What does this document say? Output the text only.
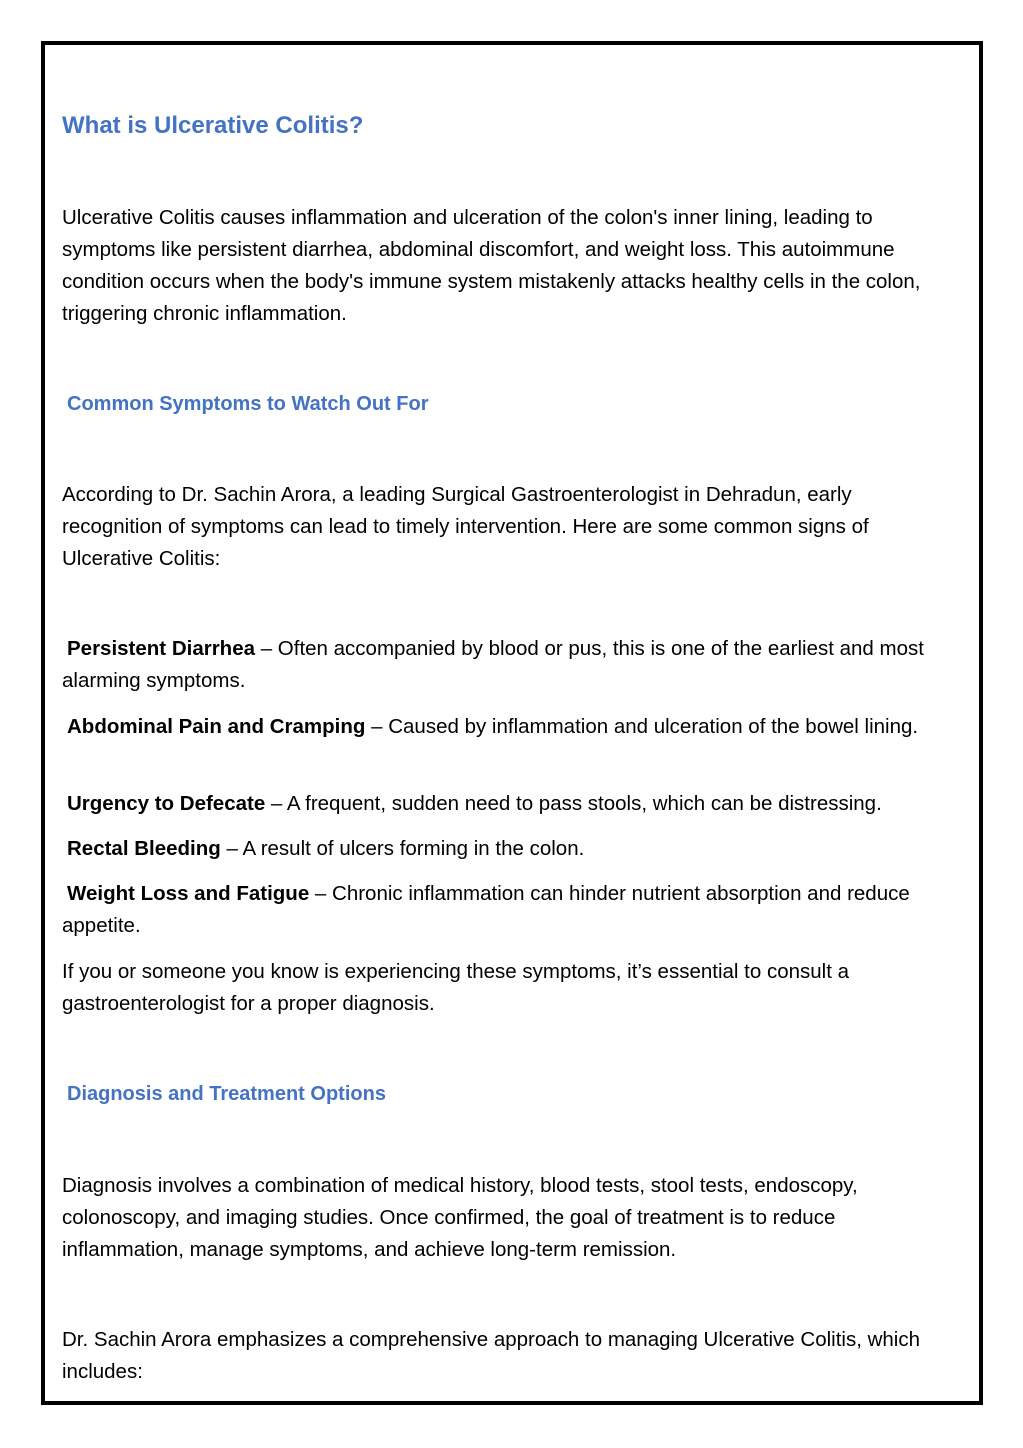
What is Ulcerative Colitis?

Ulcerative Colitis causes inflammation and ulceration of the colon's inner lining, leading to symptoms like persistent diarrhea, abdominal discomfort, and weight loss. This autoimmune condition occurs when the body's immune system mistakenly attacks healthy cells in the colon, triggering chronic inflammation.

Common Symptoms to Watch Out For

According to Dr. Sachin Arora, a leading Surgical Gastroenterologist in Dehradun, early recognition of symptoms can lead to timely intervention. Here are some common signs of Ulcerative Colitis:

Persistent Diarrhea – Often accompanied by blood or pus, this is one of the earliest and most alarming symptoms.

Abdominal Pain and Cramping – Caused by inflammation and ulceration of the bowel lining.

Urgency to Defecate – A frequent, sudden need to pass stools, which can be distressing.

Rectal Bleeding – A result of ulcers forming in the colon.

Weight Loss and Fatigue – Chronic inflammation can hinder nutrient absorption and reduce appetite.

If you or someone you know is experiencing these symptoms, it’s essential to consult a gastroenterologist for a proper diagnosis.

Diagnosis and Treatment Options

Diagnosis involves a combination of medical history, blood tests, stool tests, endoscopy, colonoscopy, and imaging studies. Once confirmed, the goal of treatment is to reduce inflammation, manage symptoms, and achieve long-term remission.

Dr. Sachin Arora emphasizes a comprehensive approach to managing Ulcerative Colitis, which includes:
